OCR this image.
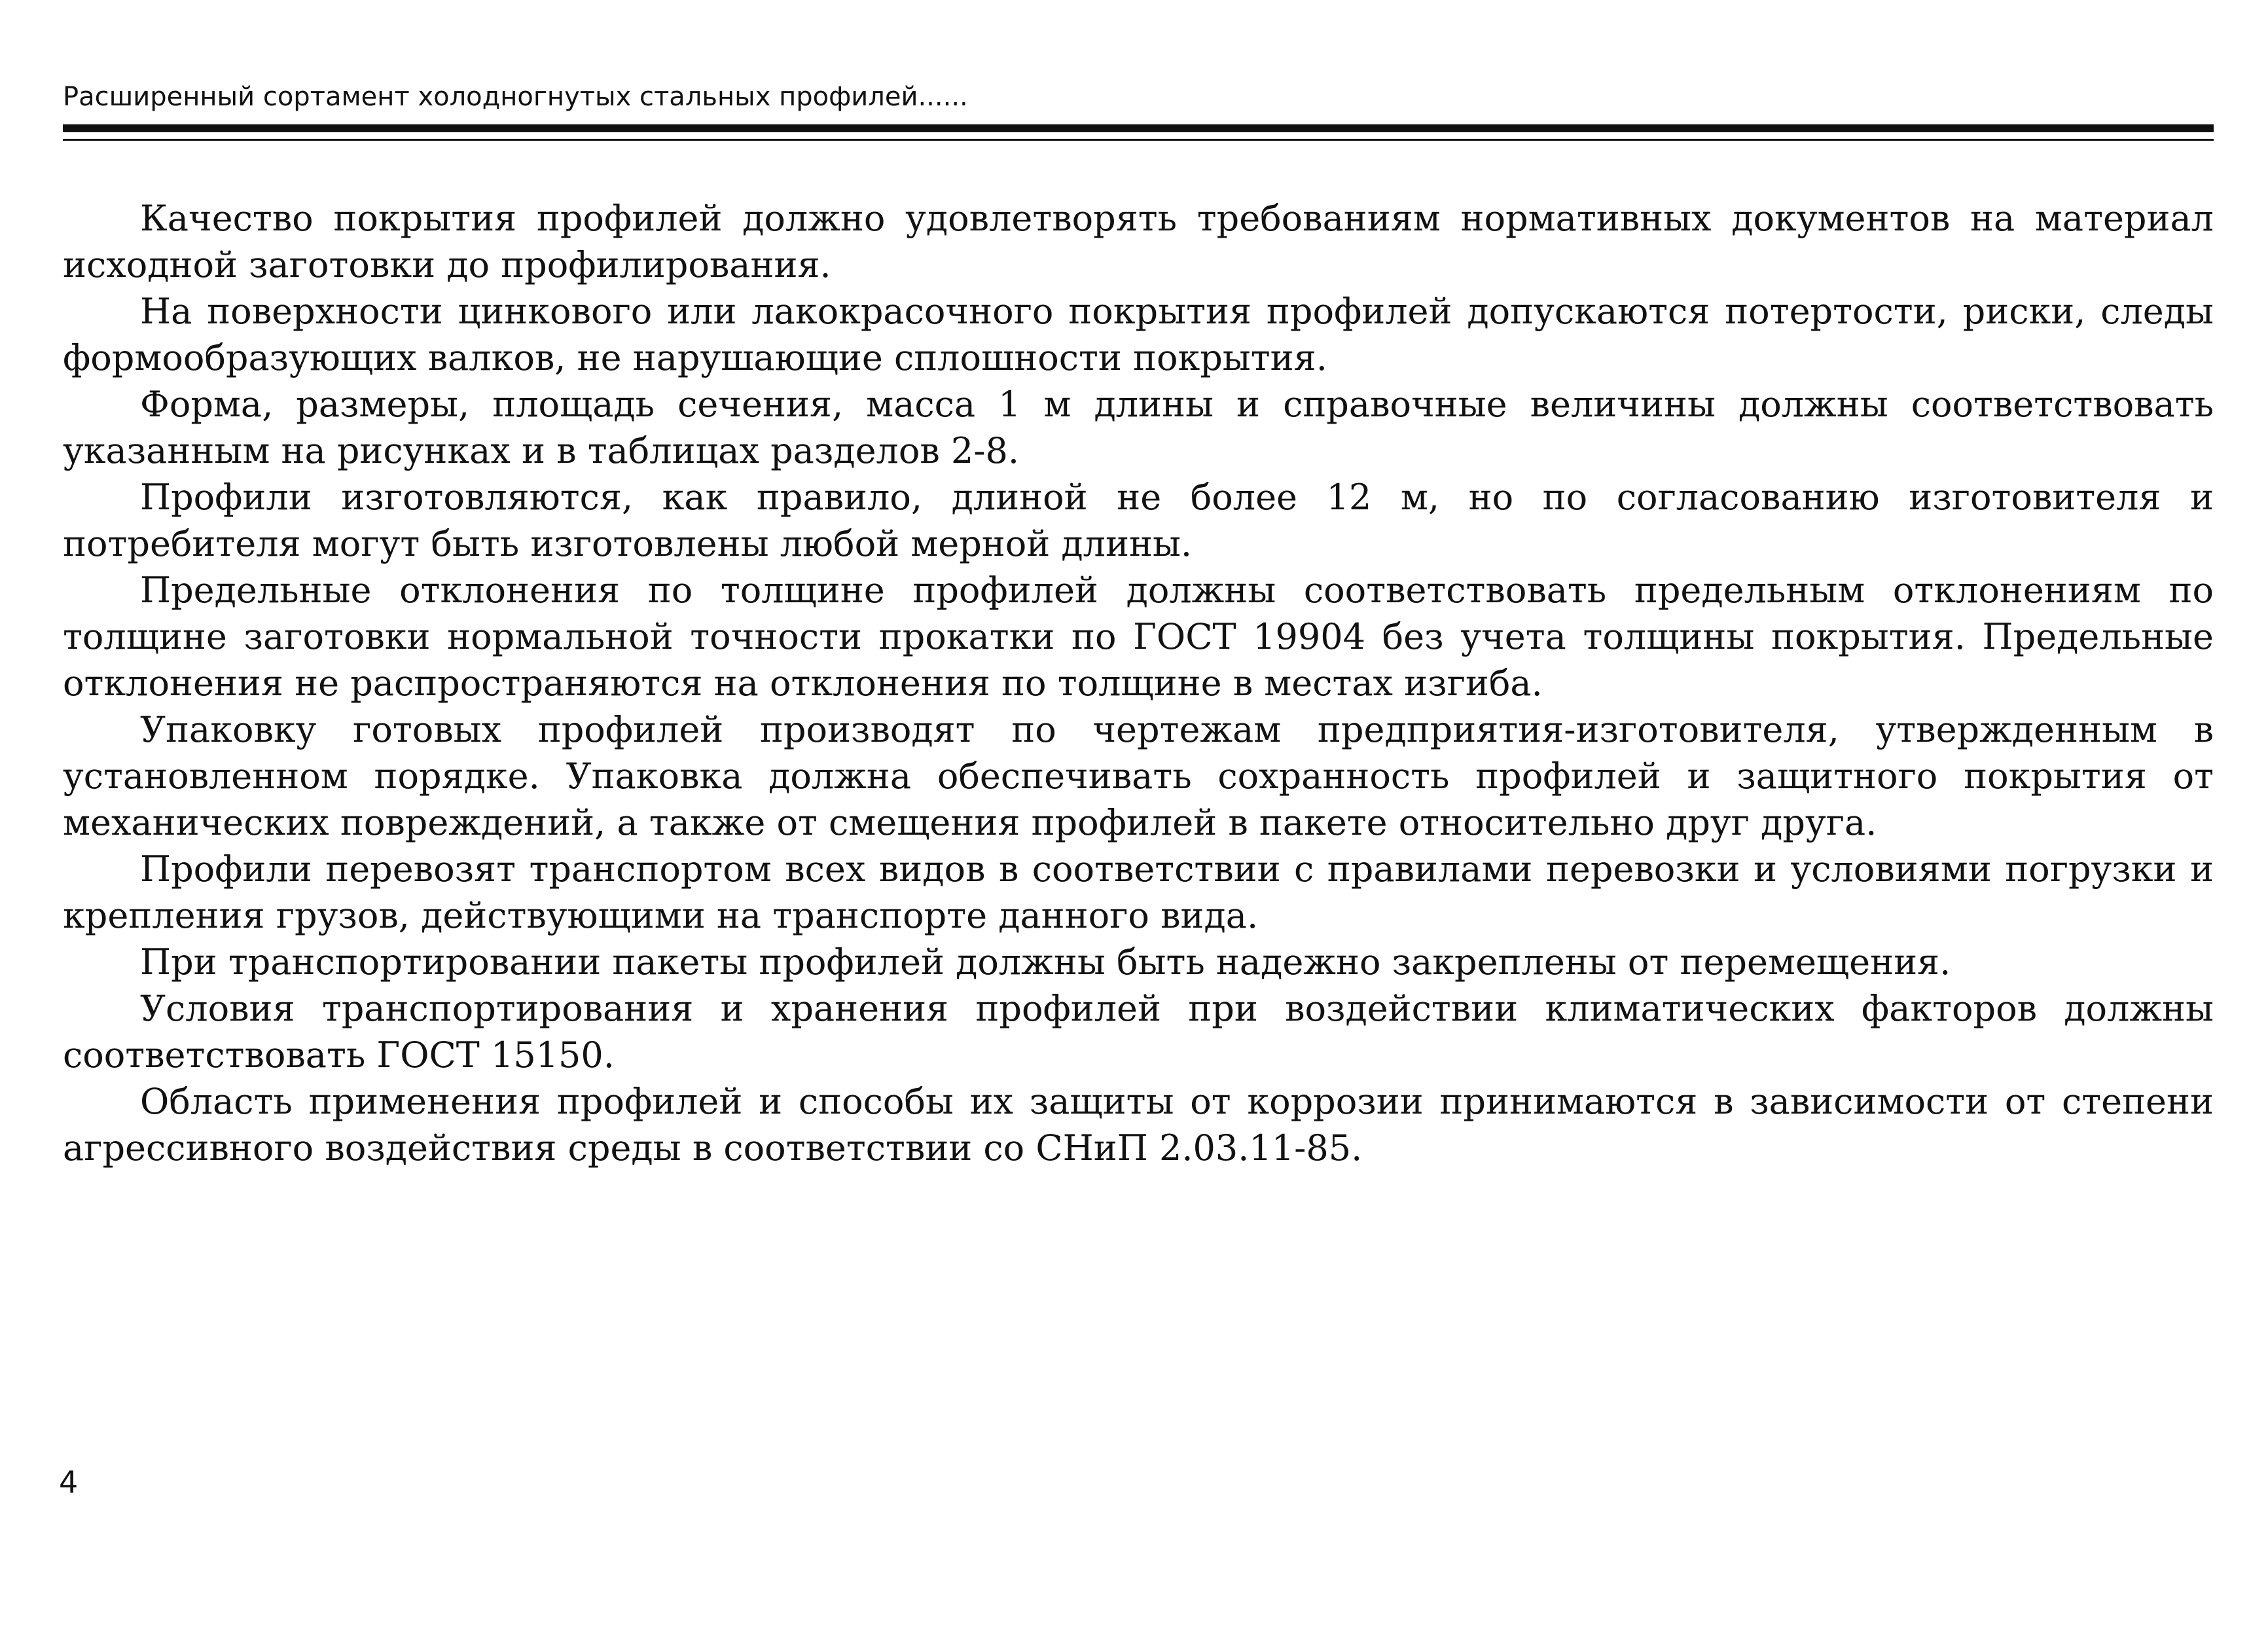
Расширенный сортамент холодногнутых стальных профилей......

Качество покрытия профилей должно удовлетворять требованиям нормативных документов на материал исходной заготовки до профилирования.

На поверхности цинкового или лакокрасочного покрытия профилей допускаются потертости, риски, следы формообразующих валков, не нарушающие сплошности покрытия.

Форма, размеры, площадь сечения, масса 1 м длины и справочные величины должны соответствовать указанным на рисунках и в таблицах разделов 2-8.

Профили изготовляются, как правило, длиной не более 12 м, но по согласованию изготовителя и потребителя могут быть изготовлены любой мерной длины.

Предельные отклонения по толщине профилей должны соответствовать предельным отклонениям по толщине заготовки нормальной точности прокатки по ГОСТ 19904 без учета толщины покрытия. Предельные отклонения не распространяются на отклонения по толщине в местах изгиба.

Упаковку готовых профилей производят по чертежам предприятия-изготовителя, утвержденным в установленном порядке. Упаковка должна обеспечивать сохранность профилей и защитного покрытия от механических повреждений, а также от смещения профилей в пакете относительно друг друга.

Профили перевозят транспортом всех видов в соответствии с правилами перевозки и условиями погрузки и крепления грузов, действующими на транспорте данного вида.

При транспортировании пакеты профилей должны быть надежно закреплены от перемещения.

Условия транспортирования и хранения профилей при воздействии климатических факторов должны соответствовать ГОСТ 15150.

Область применения профилей и способы их защиты от коррозии принимаются в зависимости от степени агрессивного воздействия среды в соответствии со СНиП 2.03.11-85.

4
